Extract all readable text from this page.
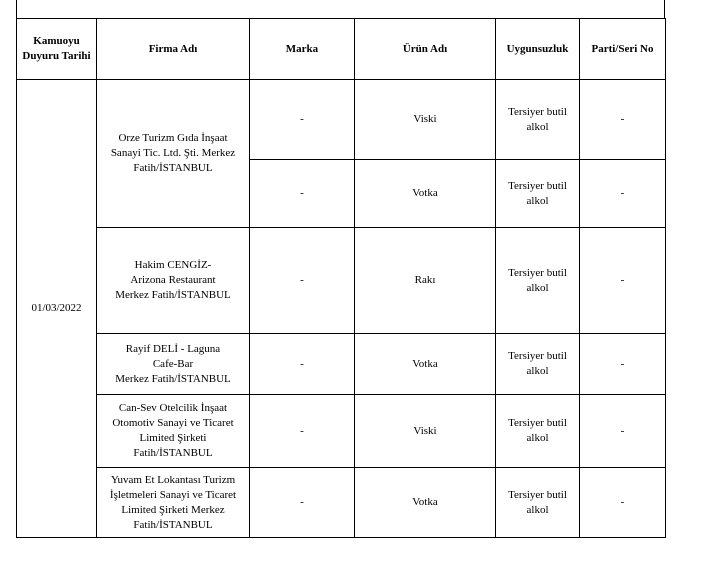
Kamuoyu
Duyuru Tarihi	Firma Adı	Marka	Ürün Adı	Uygunsuzluk	Parti/Seri No
01/03/2022	Orze Turizm Gıda İnşaat
Sanayi Tic. Ltd. Şti. Merkez
Fatih/İSTANBUL	-	Viski	Tersiyer butil
alkol	-
		-	Votka	Tersiyer butil
alkol	-
	Hakim CENGİZ-
Arizona Restaurant
Merkez Fatih/İSTANBUL	-	Rakı	Tersiyer butil
alkol	-
	Rayif DELİ - Laguna
Cafe-Bar
Merkez Fatih/İSTANBUL	-	Votka	Tersiyer butil
alkol	-
	Can-Sev Otelcilik İnşaat
Otomotiv Sanayi ve Ticaret
Limited Şirketi
Fatih/İSTANBUL	-	Viski	Tersiyer butil
alkol	-
	Yuvam Et Lokantası Turizm
İşletmeleri Sanayi ve Ticaret
Limited Şirketi Merkez
Fatih/İSTANBUL	-	Votka	Tersiyer butil
alkol	-
